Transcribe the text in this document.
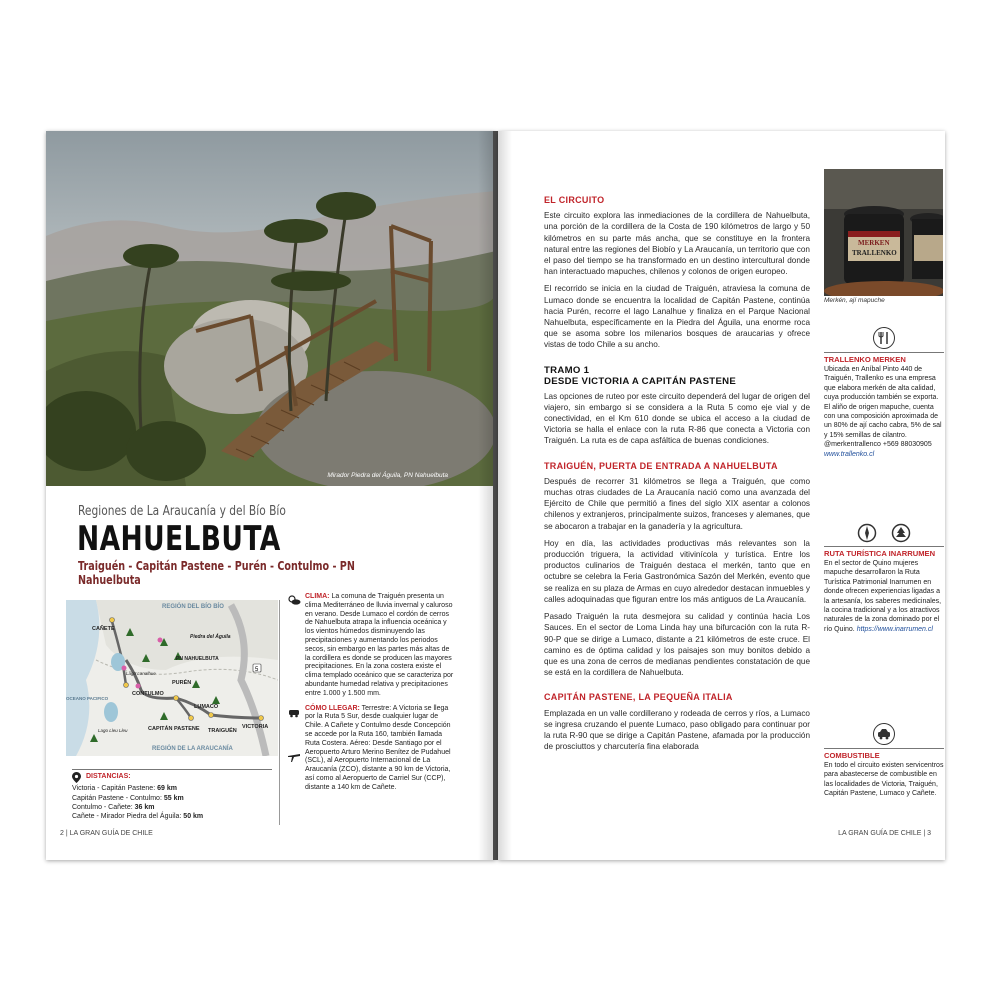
Mirador Piedra del Águila, PN Nahuelbuta
Regiones de La Araucanía y del Bío Bío
NAHUELBUTA
Traiguén - Capitán Pastene - Purén - Contulmo - PN Nahuelbuta
5
REGIÓN DEL BÍO BÍO
CAÑETE
Piedra del Águila
PN NAHUELBUTA
Lago Lanalhue
PURÉN
CONTULMO
OCEANO PACIFICO
LUMACO
Lago Lleu Lleu	CAPITÁN PASTENE TRAIGUÉN
VICTORIA
REGIÓN DE LA ARAUCANÍA

CLIMA: La comuna de Traiguén presenta un clima Mediterráneo de lluvia invernal y caluroso en verano. Desde Lumaco el cordón de cerros de Nahuelbuta atrapa la influencia oceánica y los vientos húmedos disminuyendo las precipitaciones y aumentando los periodos secos, sin embargo en las partes más altas de la cordillera es donde se producen las mayores precipitaciones. En la zona costera existe el clima templado oceánico que se caracteriza por abundante humedad relativa y precipitaciones entre 1.000 y 1.500 mm.

CÓMO LLEGAR: Terrestre: A Victoria se llega por la Ruta 5 Sur, desde cualquier lugar de Chile. A Cañete y Contulmo desde Concepción se accede por la Ruta 160, también llamada Ruta Costera. Aéreo: Desde Santiago por el Aeropuerto Arturo Merino Benítez de Pudahuel (SCL), al Aeropuerto Internacional de La Araucanía (ZCO), distante a 90 km de Victoria, así como al Aeropuerto de Carriel Sur (CCP), distante a 140 km de Cañete.

DISTANCIAS:
Victoria - Capitán Pastene: 69 km
Capitán Pastene - Contulmo: 55 km
Contulmo - Cañete: 36 km
Cañete - Mirador Piedra del Águila: 50 km
2 | LA GRAN GUÍA DE CHILE
EL CIRCUITO

Este circuito explora las inmediaciones de la cordillera de Nahuelbuta, una porción de la cordillera de la Costa de 190 kilómetros de largo y 50 kilómetros en su parte más ancha, que se constituye en la frontera natural entre las regiones del Biobío y La Araucanía, un territorio que con el paso del tiempo se ha transformado en un destino intercultural donde han interactuado mapuches, chilenos y colonos de origen europeo.

El recorrido se inicia en la ciudad de Traiguén, atraviesa la comuna de Lumaco donde se encuentra la localidad de Capitán Pastene, continúa hacia Purén, recorre el lago Lanalhue y finaliza en el Parque Nacional Nahuelbuta, específicamente en la Piedra del Águila, una enorme roca que se asoma sobre los milenarios bosques de araucarias y ofrece vistas de todo Chile a su ancho.

TRAMO 1
DESDE VICTORIA A CAPITÁN PASTENE

Las opciones de ruteo por este circuito dependerá del lugar de origen del viajero, sin embargo si se considera a la Ruta 5 como eje vial y de conectividad, en el Km 610 donde se ubica el acceso a la ciudad de Victoria se halla el enlace con la ruta R-86 que conecta a Victoria con Traiguén. La ruta es de capa asfáltica de buenas condiciones.

TRAIGUÉN, PUERTA DE ENTRADA A NAHUELBUTA

Después de recorrer 31 kilómetros se llega a Traiguén, que como muchas otras ciudades de La Araucanía nació como una avanzada del Ejército de Chile que permitió a fines del siglo XIX asentar a colonos chilenos y extranjeros, principalmente suizos, franceses y alemanes, que se abocaron a trabajar en la ganadería y la agricultura.

Hoy en día, las actividades productivas más relevantes son la producción triguera, la actividad vitivinícola y turística. Entre los productos culinarios de Traiguén destaca el merkén, tanto que en octubre se celebra la Feria Gastronómica Sazón del Merkén, evento que se realiza en su plaza de Armas en cuyo alrededor destacan inmuebles y calles adoquinadas que figuran entre los más antiguos de La Araucanía.

Pasado Traiguén la ruta desmejora su calidad y continúa hacia Los Sauces. En el sector de Loma Linda hay una bifurcación con la ruta R-90-P que se dirige a Lumaco, distante a 21 kilómetros de este cruce. El camino es de óptima calidad y los paisajes son muy bonitos debido a que es una zona de cerros de medianas pendientes constatación de que se está en la cordillera de Nahuelbuta.

CAPITÁN PASTENE, LA PEQUEÑA ITALIA

Emplazada en un valle cordillerano y rodeada de cerros y ríos, a Lumaco se ingresa cruzando el puente Lumaco, paso obligado para continuar por la ruta R-90 que se dirige a Capitán Pastene, afamada por la producción de prosciuttos y charcutería fina elaborada

MERKEN
TRALLENKO
Merkén, ají mapuche
TRALLENKO MERKEN
Ubicada en Aníbal Pinto 440 de Traiguén, Trallenko es una empresa que elabora merkén de alta calidad, cuya producción también se exporta. El aliño de origen mapuche, cuenta con una composición aproximada de un 80% de ají cacho cabra, 5% de sal y 15% semillas de cilantro. @merkentrallenco +569 88030905 www.trallenko.cl
RUTA TURÍSTICA INARRUMEN
En el sector de Quino mujeres mapuche desarrollaron la Ruta Turística Patrimonial Inarrumen en donde ofrecen experiencias ligadas a la artesanía, los saberes medicinales, la cocina tradicional y a los atractivos naturales de la zona dominado por el río Quino. https://www.inarrumen.cl
COMBUSTIBLE
En todo el circuito existen servicentros para abastecerse de combustible en las localidades de Victoria, Traiguén, Capitán Pastene, Lumaco y Cañete.
LA GRAN GUÍA DE CHILE | 3
